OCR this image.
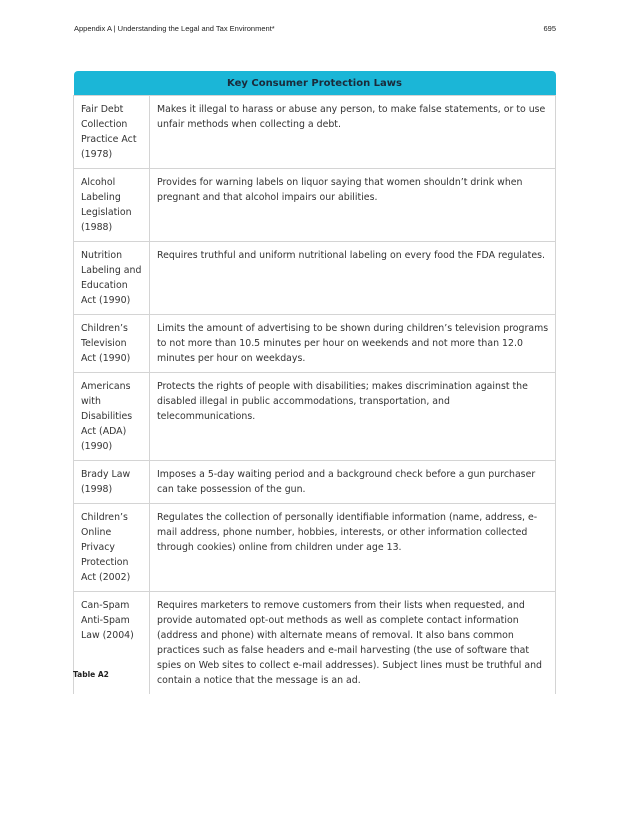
Appendix A | Understanding the Legal and Tax Environment*	695
Key Consumer Protection Laws	
Fair Debt Collection Practice Act (1978)	Makes it illegal to harass or abuse any person, to make false statements, or to use unfair methods when collecting a debt.
Alcohol Labeling Legislation (1988)	Provides for warning labels on liquor saying that women shouldn’t drink when pregnant and that alcohol impairs our abilities.
Nutrition Labeling and Education Act (1990)	Requires truthful and uniform nutritional labeling on every food the FDA regulates.
Children’s Television Act (1990)	Limits the amount of advertising to be shown during children’s television programs to not more than 10.5 minutes per hour on weekends and not more than 12.0 minutes per hour on weekdays.
Americans with Disabilities Act (ADA) (1990)	Protects the rights of people with disabilities; makes discrimination against the disabled illegal in public accommodations, transportation, and telecommunications.
Brady Law (1998)	Imposes a 5-day waiting period and a background check before a gun purchaser can take possession of the gun.
Children’s Online Privacy Protection Act (2002)	Regulates the collection of personally identifiable information (name, address, e-mail address, phone number, hobbies, interests, or other information collected through cookies) online from children under age 13.
Can-Spam Anti-Spam Law (2004)	Requires marketers to remove customers from their lists when requested, and provide automated opt-out methods as well as complete contact information (address and phone) with alternate means of removal. It also bans common practices such as false headers and e-mail harvesting (the use of software that spies on Web sites to collect e-mail addresses). Subject lines must be truthful and contain a notice that the message is an ad.
Table A2
